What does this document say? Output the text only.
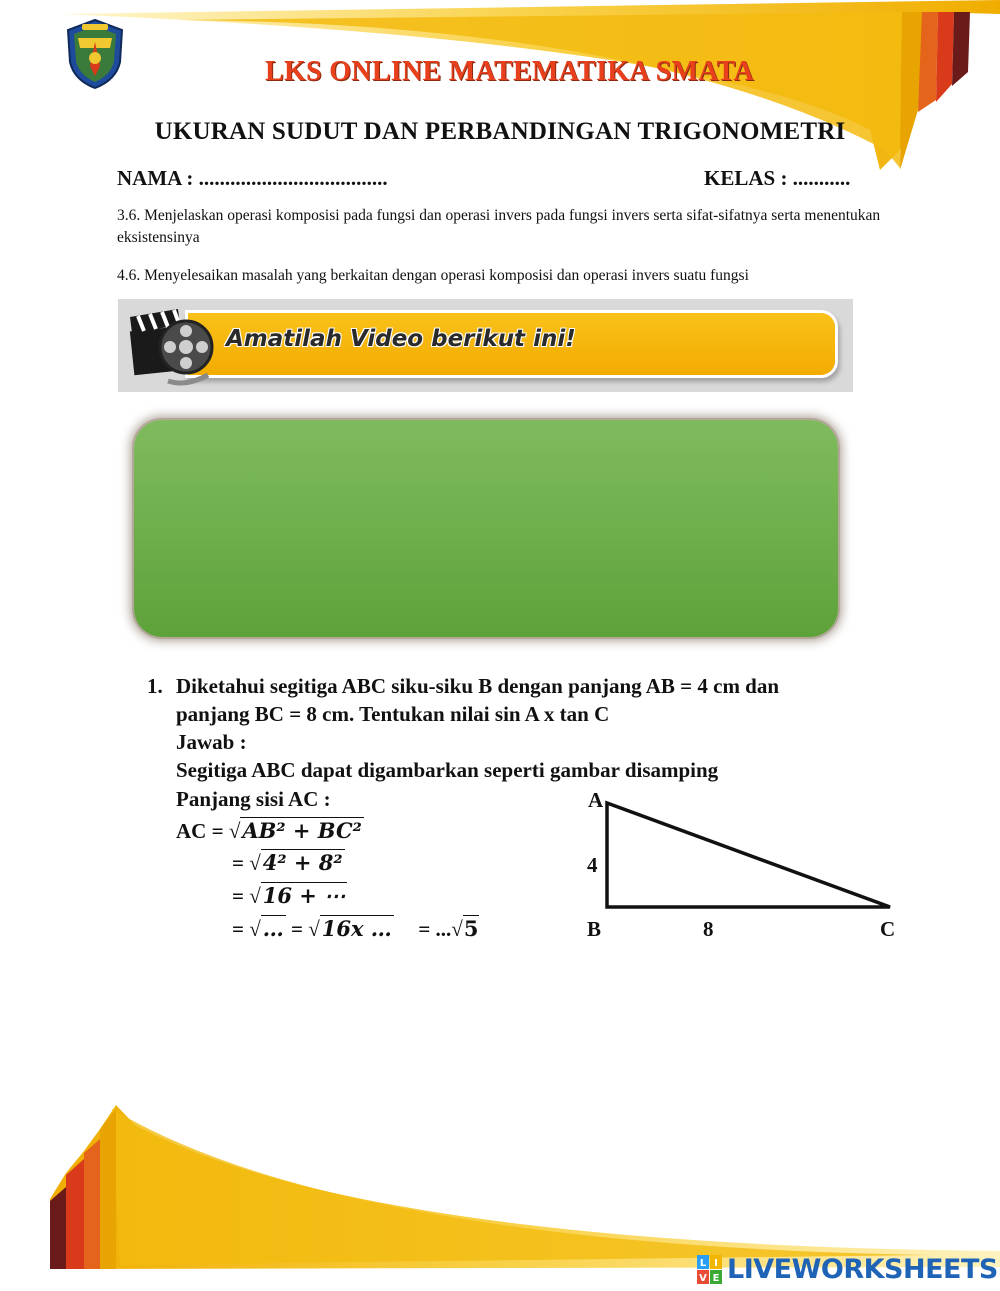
LKS ONLINE MATEMATIKA SMATA
UKURAN SUDUT DAN PERBANDINGAN TRIGONOMETRI
NAMA : ....................................	KELAS : ...........
3.6. Menjelaskan operasi komposisi pada fungsi dan operasi invers pada fungsi invers serta sifat-sifatnya serta menentukan eksistensinya
4.6. Menyelesaikan masalah yang berkaitan dengan operasi komposisi dan operasi invers suatu fungsi
Amatilah Video berikut ini!
1. Diketahui segitiga ABC siku-siku B dengan panjang AB = 4 cm dan
panjang BC = 8 cm. Tentukan nilai sin A x tan C
Jawab :
Segitiga ABC dapat digambarkan seperti gambar disamping
Panjang sisi AC :
AC = √AB² + BC²
= √4² + 8²
= √16 + ⋯
= √… = √16x … = ...√5
A
4
B	8	C
L I
V E LIVEWORKSHEETS
